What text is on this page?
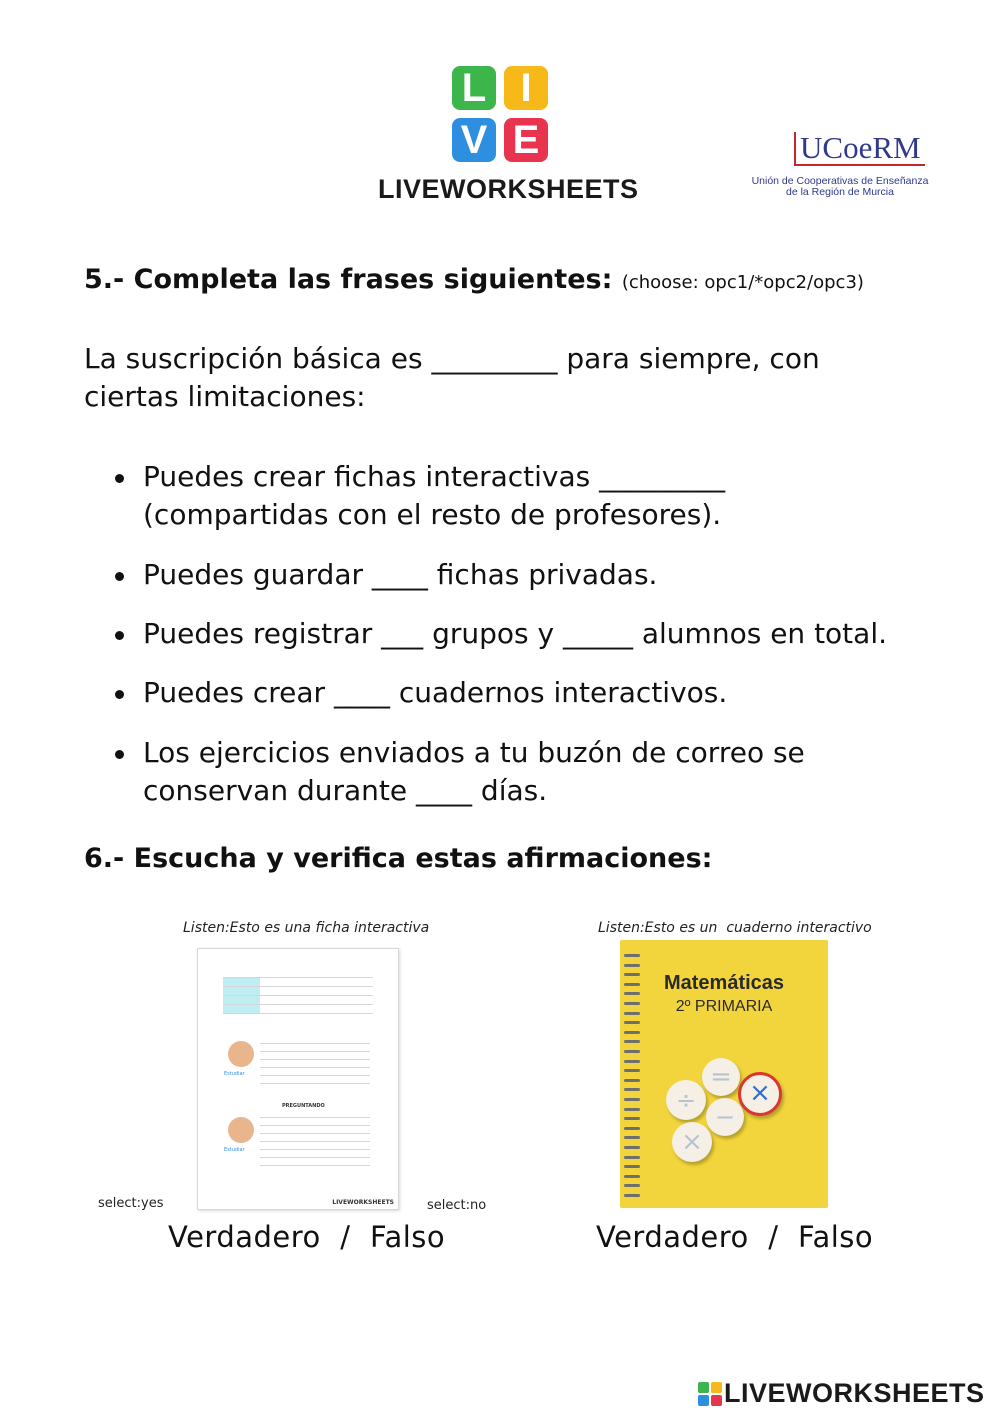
L I
V E
LIVEWORKSHEETS
UCoeRM
Unión de Cooperativas de Enseñanza
de la Región de Murcia
5.- Completa las frases siguientes: (choose: opc1/*opc2/opc3)
La suscripción básica es _________ para siempre, con
ciertas limitaciones:
Puedes crear fichas interactivas _________
(compartidas con el resto de profesores).
Puedes guardar ____ fichas privadas.
Puedes registrar ___ grupos y _____ alumnos en total.
Puedes crear ____ cuadernos interactivos.
Los ejercicios enviados a tu buzón de correo se
conservan durante ____ días.
6.- Escucha y verifica estas afirmaciones:
Listen:Esto es una ficha interactiva
Estudiar
PREGUNTANDO
Estudiar
LIVEWORKSHEETS
select:yes	select:no
Verdadero  /  Falso
Listen:Esto es un  cuaderno interactivo
Matemáticas
2º PRIMARIA
=
÷	×
−
×
Verdadero  /  Falso
LIVEWORKSHEETS
